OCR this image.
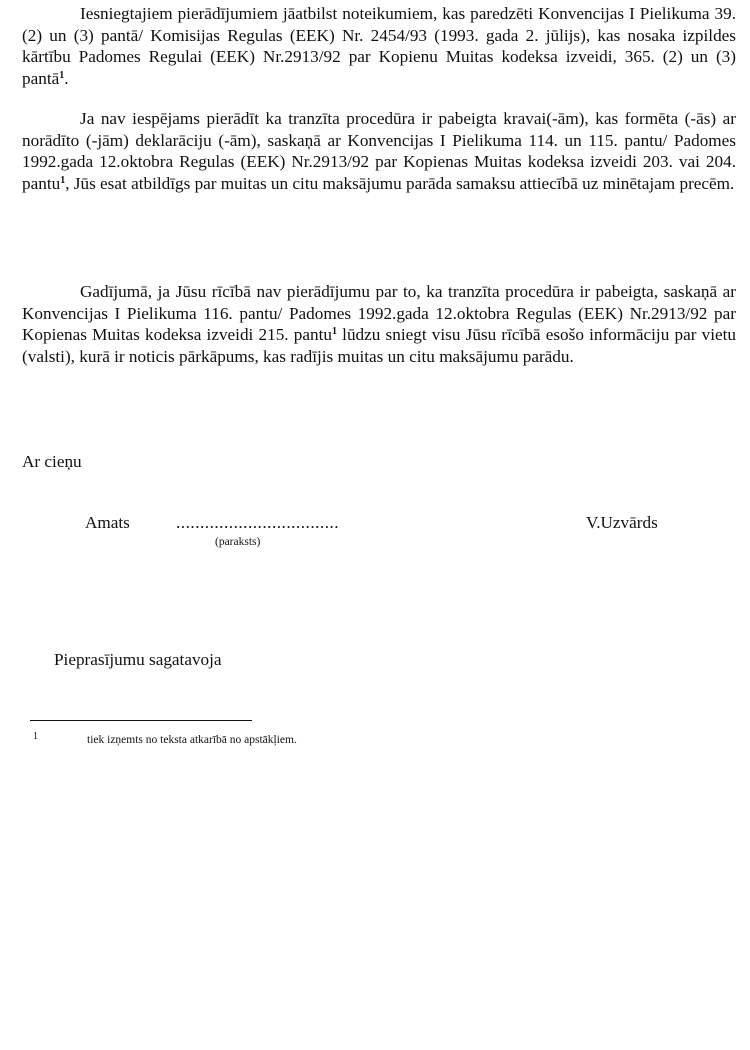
Iesniegtajiem pierādījumiem jāatbilst noteikumiem, kas paredzēti Konvencijas I Pielikuma 39. (2) un (3) pantā/ Komisijas Regulas (EEK) Nr. 2454/93 (1993. gada 2. jūlijs), kas nosaka izpildes kārtību Padomes Regulai (EEK) Nr.2913/92 par Kopienu Muitas kodeksa izveidi, 365. (2) un (3) pantā$^1$.
Ja nav iespējams pierādīt ka tranzīta procedūra ir pabeigta kravai(-ām), kas formēta (-ās) ar norādīto (-jām) deklarāciju (-ām), saskaņā ar Konvencijas I Pielikuma 114. un 115. pantu/ Padomes 1992.gada 12.oktobra Regulas (EEK) Nr.2913/92 par Kopienas Muitas kodeksa izveidi 203. vai 204. pantu$^1$, Jūs esat atbildīgs par muitas un citu maksājumu parāda samaksu attiecībā uz minētajam precēm.
Gadījumā, ja Jūsu rīcībā nav pierādījumu par to, ka tranzīta procedūra ir pabeigta, saskaņā ar Konvencijas I Pielikuma 116. pantu/ Padomes 1992.gada 12.oktobra Regulas (EEK) Nr.2913/92 par Kopienas Muitas kodeksa izveidi 215. pantu$^1$ lūdzu sniegt visu Jūsu rīcībā esošo informāciju par vietu (valsti), kurā ir noticis pārkāpums, kas radījis muitas un citu maksājumu parādu.
Ar cieņu
Amats	..................................
(paraksts)
V.Uzvārds
Pieprasījumu sagatavoja
1	tiek izņemts no teksta atkarībā no apstākļiem.
